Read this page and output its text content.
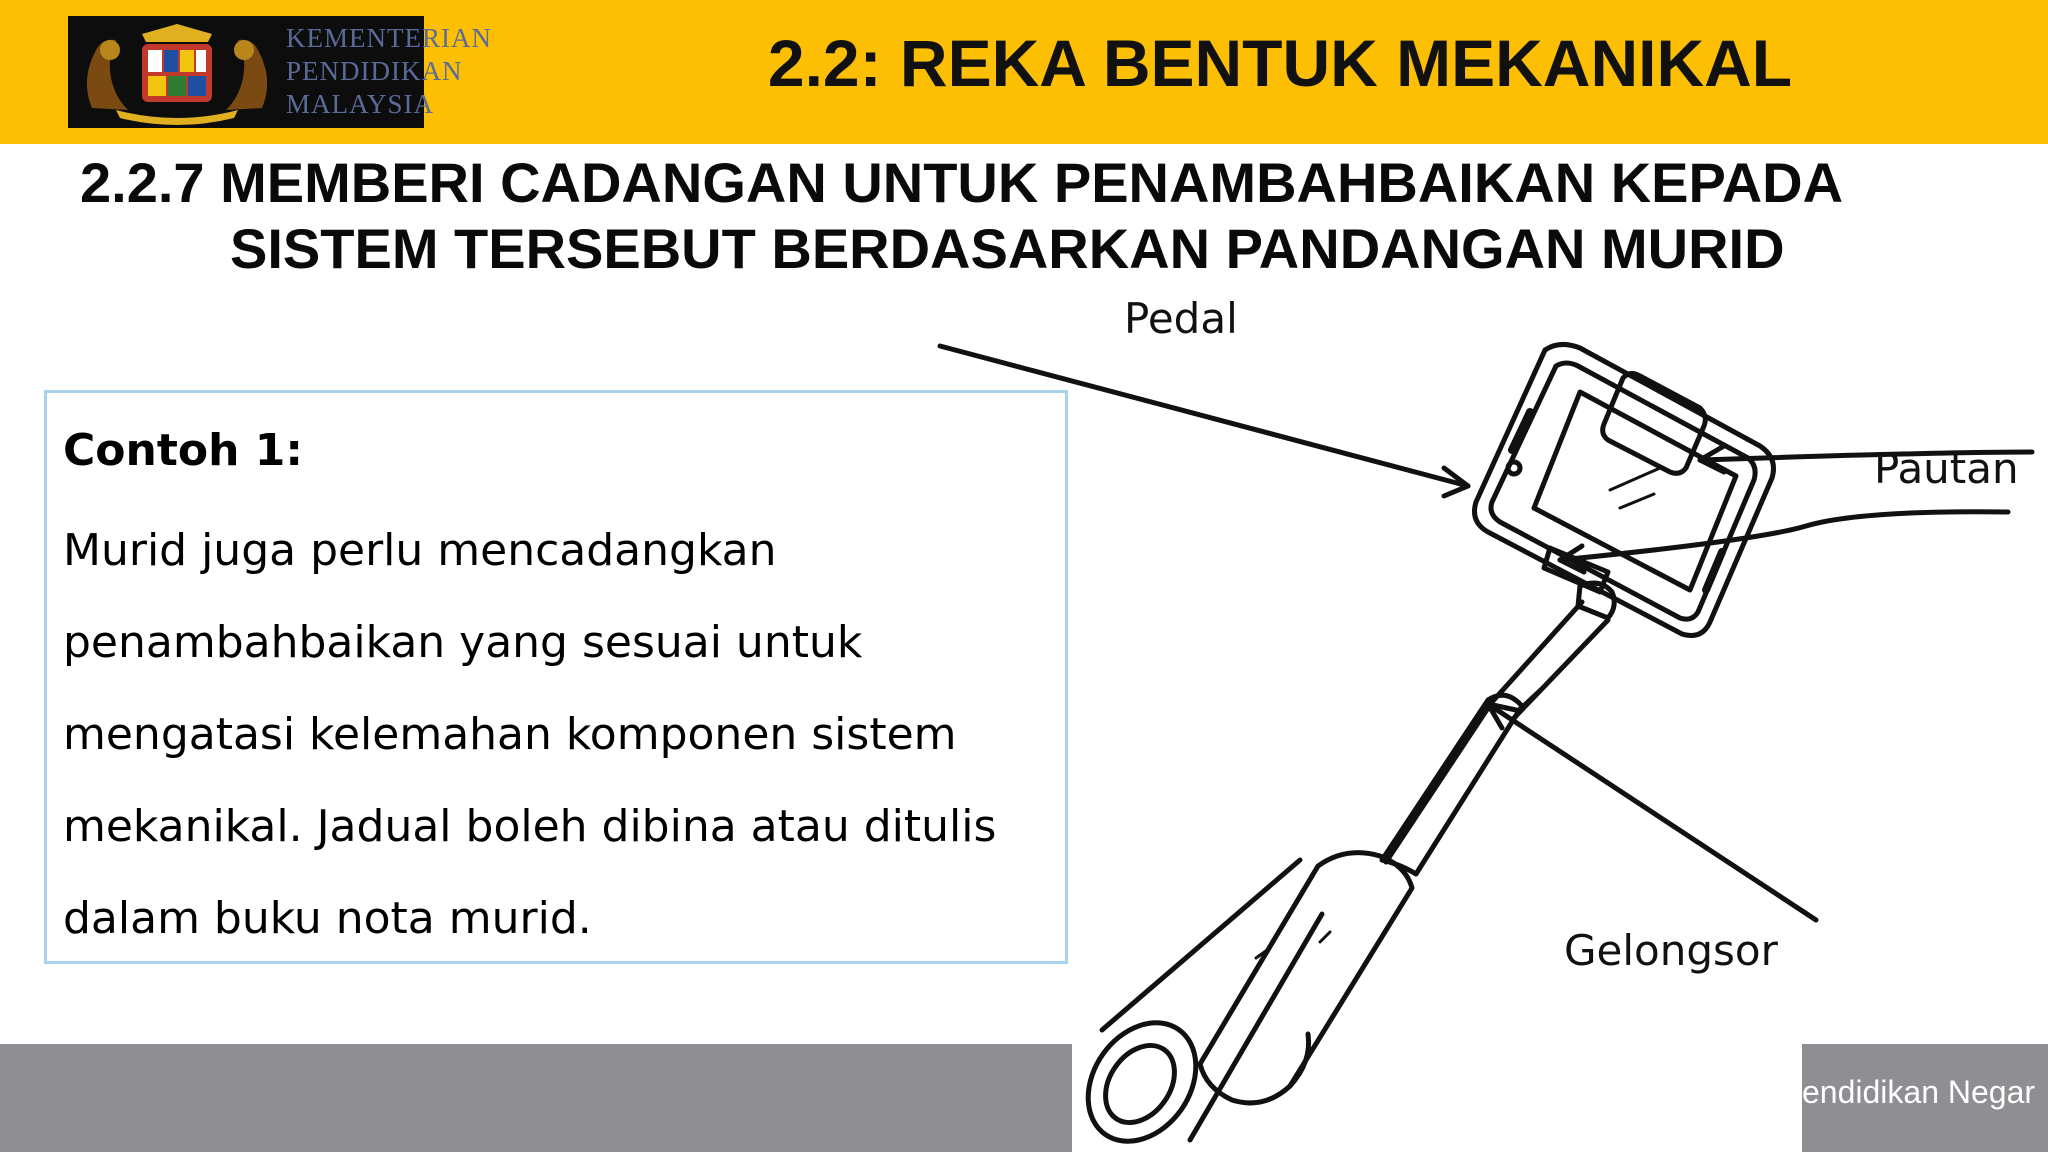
KEMENTERIAN
PENDIDIKAN
MALAYSIA
2.2: REKA BENTUK MEKANIKAL
2.2.7 MEMBERI CADANGAN UNTUK PENAMBAHBAIKAN KEPADA
SISTEM TERSEBUT BERDASARKAN PANDANGAN MURID

Contoh 1:

Murid juga perlu mencadangkan
penambahbaikan yang sesuai untuk
mengatasi kelemahan komponen sistem
mekanikal. Jadual boleh dibina atau ditulis
dalam buku nota murid.

Pedal
Pautan
Gelongsor
endidikan Negar
